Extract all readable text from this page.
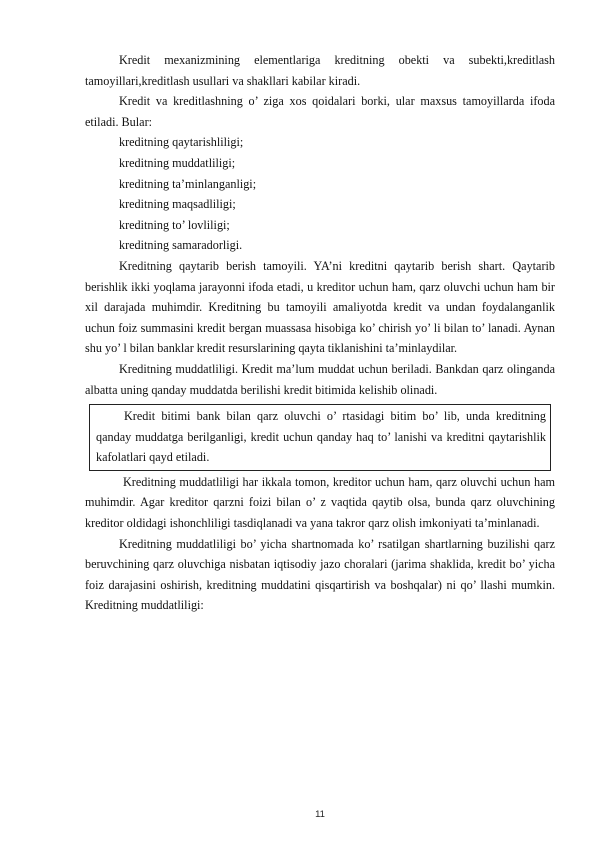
Kredit mexanizmining elementlariga kreditning obekti va subekti,kreditlash tamoyillari,kreditlash usullari va shakllari kabilar kiradi.

Kredit va kreditlashning o’ ziga xos qoidalari borki, ular maxsus tamoyillarda ifoda etiladi. Bular:

kreditning qaytarishliligi;
kreditning muddatliligi;
kreditning ta’minlanganligi;
kreditning maqsadliligi;
kreditning to’ lovliligi;
kreditning samaradorligi.

Kreditning qaytarib berish tamoyili. YA’ni kreditni qaytarib berish shart. Qaytarib berishlik ikki yoqlama jarayonni ifoda etadi, u kreditor uchun ham, qarz oluvchi uchun ham bir xil darajada muhimdir. Kreditning bu tamoyili amaliyotda kredit va undan foydalanganlik uchun foiz summasini kredit bergan muassasa hisobiga ko’ chirish yo’ li bilan to’ lanadi. Aynan shu yo’ l bilan banklar kredit resurslarining qayta tiklanishini ta’minlaydilar.

Kreditning muddatliligi. Kredit ma’lum muddat uchun beriladi. Bankdan qarz olinganda albatta uning qanday muddatda berilishi kredit bitimida kelishib olinadi.

Kredit bitimi bank bilan qarz oluvchi o’ rtasidagi bitim bo’ lib, unda kreditning qanday muddatga berilganligi, kredit uchun qanday haq to’ lanishi va kreditni qaytarishlik kafolatlari qayd etiladi.

Kreditning muddatliligi har ikkala tomon, kreditor uchun ham, qarz oluvchi uchun ham muhimdir. Agar kreditor qarzni foizi bilan o’ z vaqtida qaytib olsa, bunda qarz oluvchining kreditor oldidagi ishonchliligi tasdiqlanadi va yana takror qarz olish imkoniyati ta’minlanadi.

Kreditning muddatliligi bo’ yicha shartnomada ko’ rsatilgan shartlarning buzilishi qarz beruvchining qarz oluvchiga nisbatan iqtisodiy jazo choralari (jarima shaklida, kredit bo’ yicha foiz darajasini oshirish, kreditning muddatini qisqartirish va boshqalar) ni qo’ llashi mumkin. Kreditning muddatliligi:

11
